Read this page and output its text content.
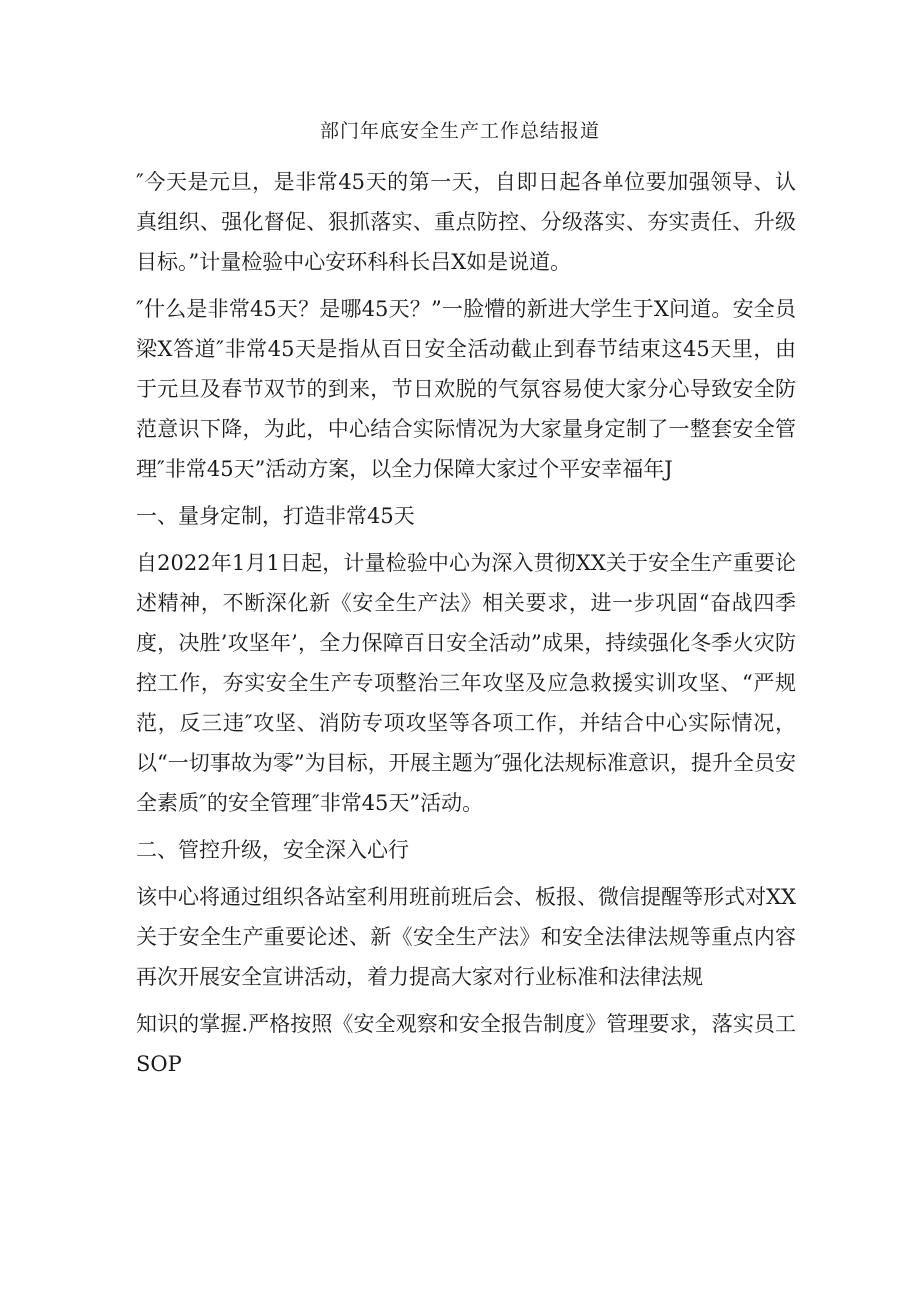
部门年底安全生产工作总结报道

″今天是元旦，是非常45天的第一天，自即日起各单位要加强领导、认真组织、强化督促、狠抓落实、重点防控、分级落实、夯实责任、升级目标。”计量检验中心安环科科长吕X如是说道。

″什么是非常45天？是哪45天？”一脸懵的新进大学生于X问道。安全员梁X答道″非常45天是指从百日安全活动截止到春节结束这45天里，由于元旦及春节双节的到来，节日欢脱的气氛容易使大家分心导致安全防范意识下降，为此，中心结合实际情况为大家量身定制了一整套安全管理″非常45天”活动方案，以全力保障大家过个平安幸福年J

一、量身定制，打造非常45天

自2022年1月1日起，计量检验中心为深入贯彻XX关于安全生产重要论述精神，不断深化新《安全生产法》相关要求，进一步巩固“奋战四季度，决胜’攻坚年’，全力保障百日安全活动”成果，持续强化冬季火灾防控工作，夯实安全生产专项整治三年攻坚及应急救援实训攻坚、“严规范，反三违″攻坚、消防专项攻坚等各项工作，并结合中心实际情况，以“一切事故为零”为目标，开展主题为″强化法规标准意识，提升全员安全素质″的安全管理″非常45天”活动。

二、管控升级，安全深入心行

该中心将通过组织各站室利用班前班后会、板报、微信提醒等形式对XX关于安全生产重要论述、新《安全生产法》和安全法律法规等重点内容再次开展安全宣讲活动，着力提高大家对行业标准和法律法规

知识的掌握.严格按照《安全观察和安全报告制度》管理要求，落实员工SOP
